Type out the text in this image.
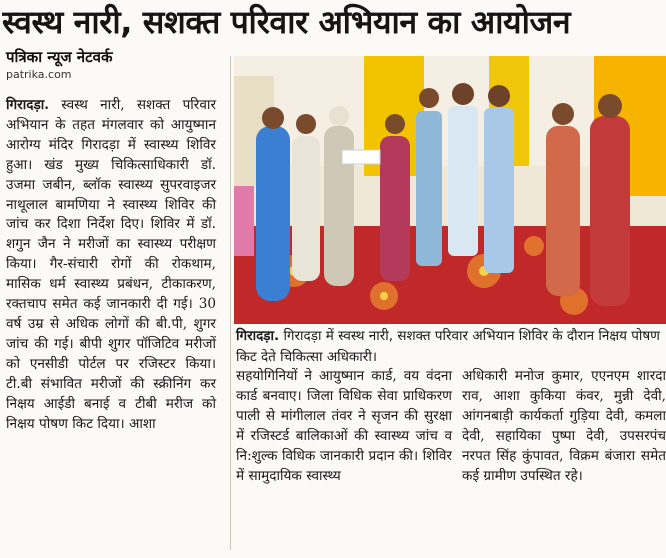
स्वस्थ नारी, सशक्त परिवार अभियान का आयोजन
पत्रिका न्यूज नेटवर्क
patrika.com

गिरादड़ा. स्वस्थ नारी, सशक्त परिवार अभियान के तहत मंगलवार को आयुष्मान आरोग्य मंदिर गिरादड़ा में स्वास्थ्य शिविर हुआ। खंड मुख्य चिकित्साधिकारी डॉ. उजमा जबीन, ब्लॉक स्वास्थ्य सुपरवाइजर नाथूलाल बामणिया ने स्वास्थ्य शिविर की जांच कर दिशा निर्देश दिए। शिविर में डॉ. शगुन जैन ने मरीजों का स्वास्थ्य परीक्षण किया। गैर-संचारी रोगों की रोकथाम, मासिक धर्म स्वास्थ्य प्रबंधन, टीकाकरण, रक्तचाप समेत कई जानकारी दी गई। 30 वर्ष उम्र से अधिक लोगों की बी.पी, शुगर जांच की गई। बीपी शुगर पॉजिटिव मरीजों को एनसीडी पोर्टल पर रजिस्टर किया। टी.बी संभावित मरीजों की स्क्रीनिंग कर निक्षय आईडी बनाई व टीबी मरीज को निक्षय पोषण किट दिया। आशा

गिरादड़ा. गिरादड़ा में स्वस्थ नारी, सशक्त परिवार अभियान शिविर के दौरान निक्षय पोषण किट देते चिकित्सा अधिकारी।

सहयोगिनियों ने आयुष्मान कार्ड, वय वंदना कार्ड बनवाए। जिला विधिक सेवा प्राधिकरण पाली से मांगीलाल तंवर ने सृजन की सुरक्षा में रजिस्टर्ड बालिकाओं की स्वास्थ्य जांच व नि:शुल्क विधिक जानकारी प्रदान की। शिविर में सामुदायिक स्वास्थ्य

अधिकारी मनोज कुमार, एएनएम शारदा राव, आशा कुकिया कंवर, मुन्नी देवी, आंगनबाड़ी कार्यकर्ता गुड़िया देवी, कमला देवी, सहायिका पुष्पा देवी, उपसरपंच नरपत सिंह कुंपावत, विक्रम बंजारा समेत कई ग्रामीण उपस्थित रहे।
